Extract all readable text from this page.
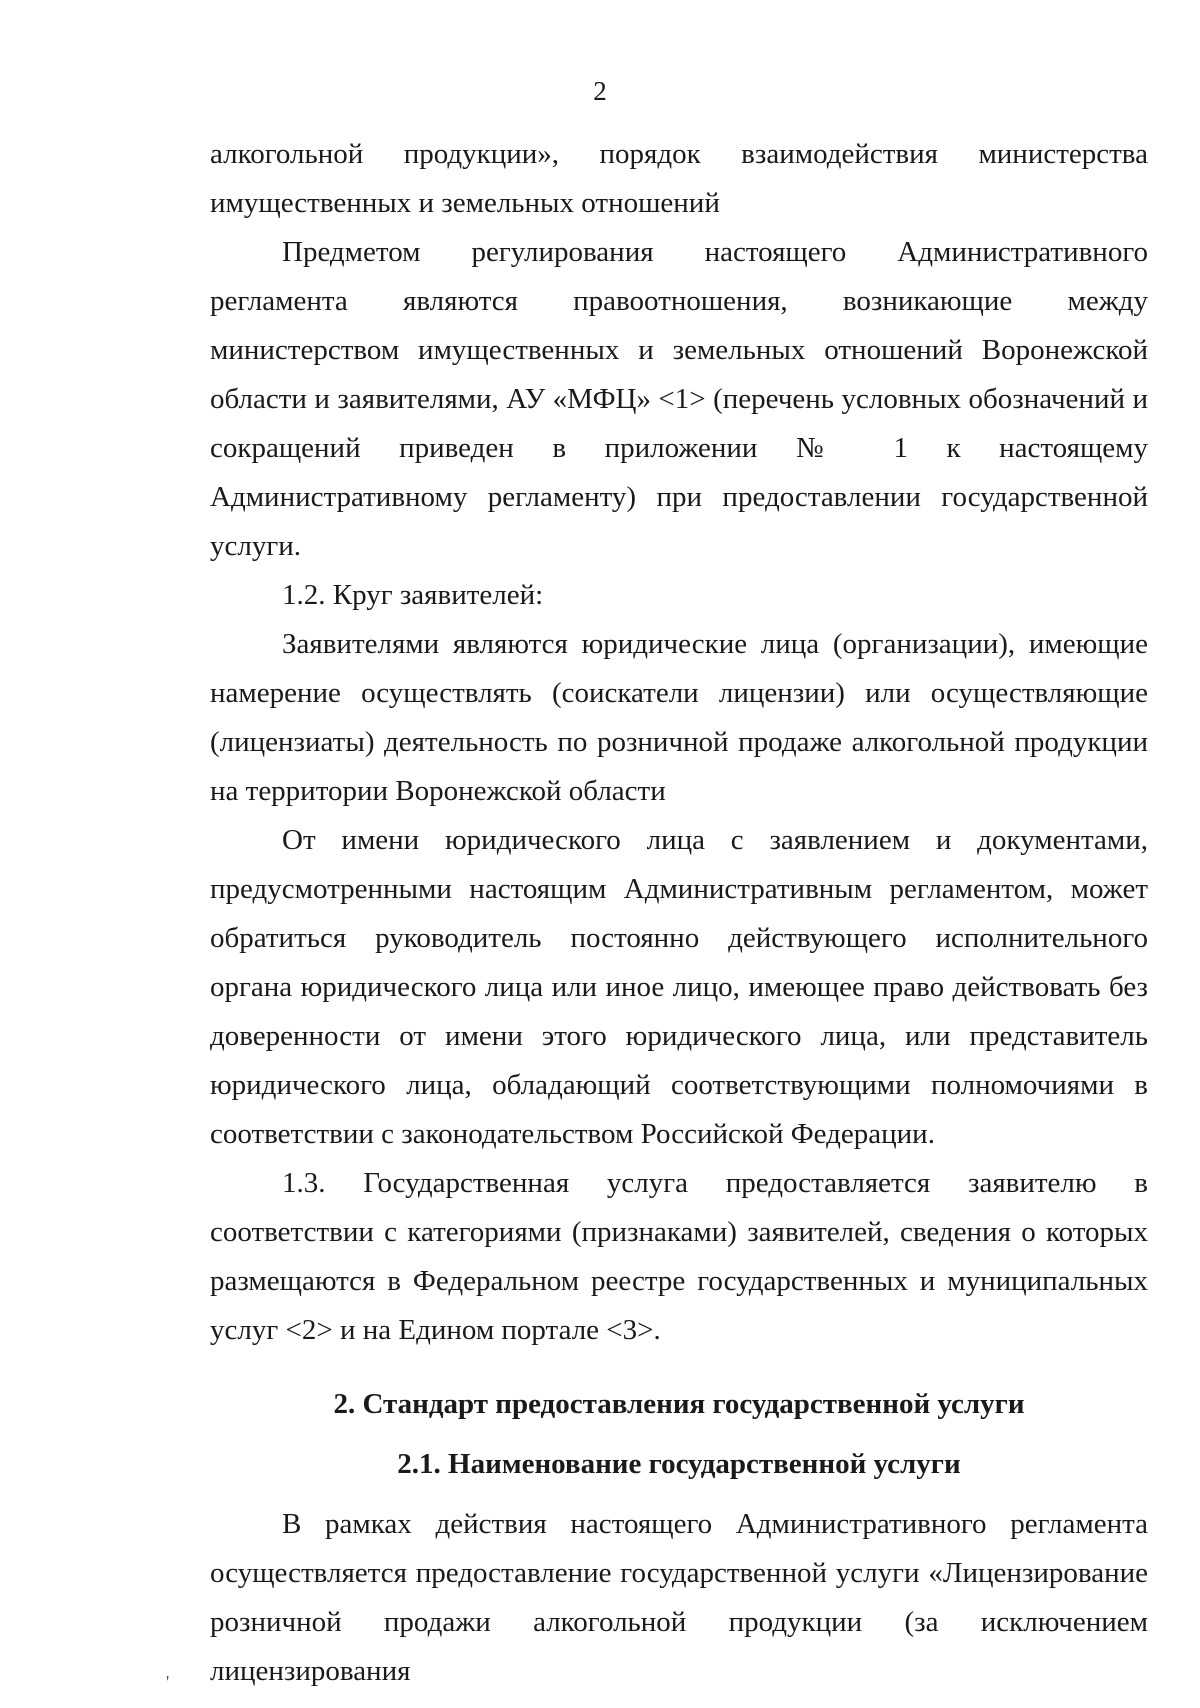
2

алкогольной продукции», порядок взаимодействия министерства имущественных и земельных отношений

Предметом регулирования настоящего Административного регламента являются правоотношения, возникающие между министерством имущественных и земельных отношений Воронежской области и заявителями, АУ «МФЦ» <1> (перечень условных обозначений и сокращений приведен в приложении № 1 к настоящему Административному регламенту) при предоставлении государственной услуги.

1.2. Круг заявителей:

Заявителями являются юридические лица (организации), имеющие намерение осуществлять (соискатели лицензии) или осуществляющие (лицензиаты) деятельность по розничной продаже алкогольной продукции на территории Воронежской области

От имени юридического лица с заявлением и документами, предусмотренными настоящим Административным регламентом, может обратиться руководитель постоянно действующего исполнительного органа юридического лица или иное лицо, имеющее право действовать без доверенности от имени этого юридического лица, или представитель юридического лица, обладающий соответствующими полномочиями в соответствии с законодательством Российской Федерации.

1.3. Государственная услуга предоставляется заявителю в соответствии с категориями (признаками) заявителей, сведения о которых размещаются в Федеральном реестре государственных и муниципальных услуг <2> и на Едином портале <3>.

2. Стандарт предоставления государственной услуги
2.1. Наименование государственной услуги

В рамках действия настоящего Административного регламента осуществляется предоставление государственной услуги «Лицензирование розничной продажи алкогольной продукции (за исключением лицензирования

'
